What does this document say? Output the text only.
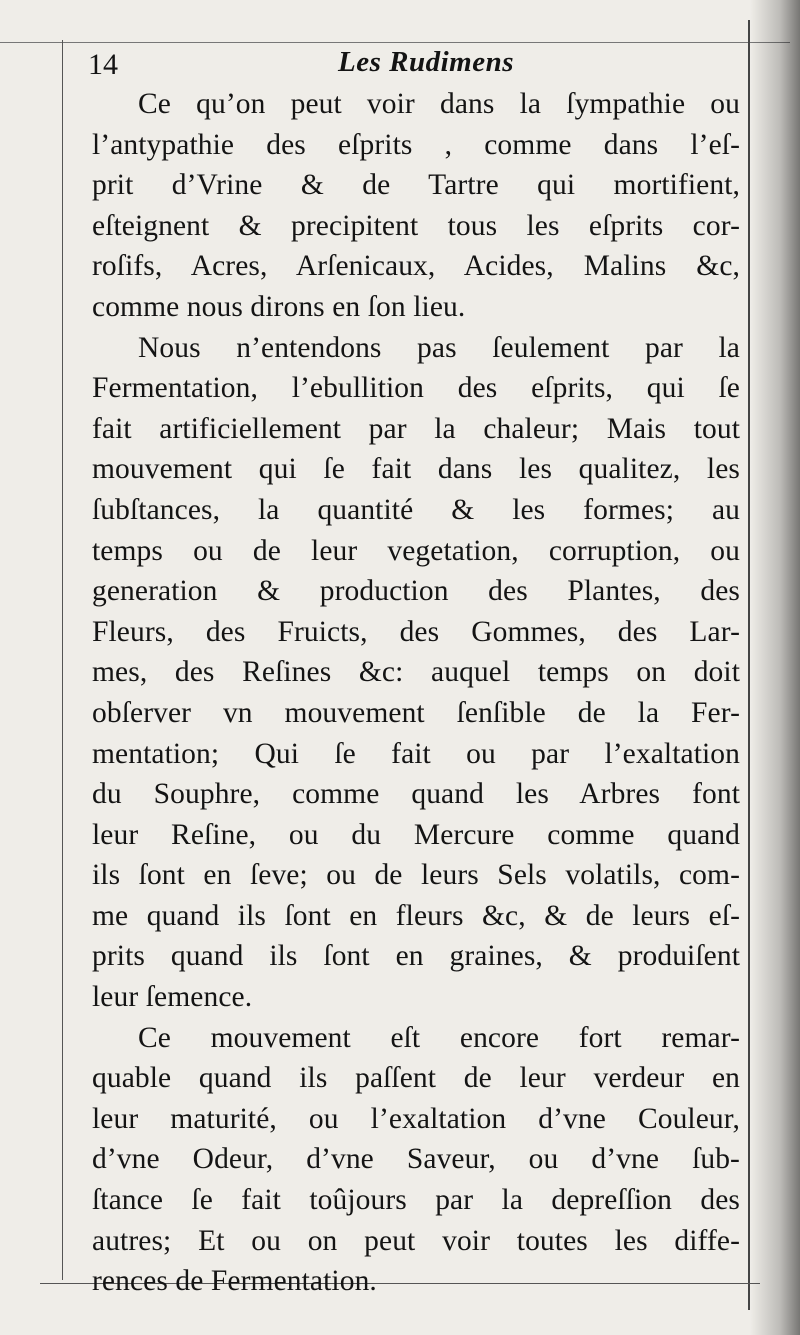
14	Les Rudimens
Ce qu’on peut voir dans la ſympathie ou
l’antypathie des eſprits , comme dans l’eſ-
prit d’Vrine & de Tartre qui mortifient,
eſteignent & precipitent tous les eſprits cor-
roſifs, Acres, Arſenicaux, Acides, Malins &c,
comme nous dirons en ſon lieu.
Nous n’entendons pas ſeulement par la
Fermentation, l’ebullition des eſprits, qui ſe
fait artificiellement par la chaleur; Mais tout
mouvement qui ſe fait dans les qualitez, les
ſubſtances, la quantité & les formes; au
temps ou de leur vegetation, corruption, ou
generation & production des Plantes, des
Fleurs, des Fruicts, des Gommes, des Lar-
mes, des Reſines &c: auquel temps on doit
obſerver vn mouvement ſenſible de la Fer-
mentation; Qui ſe fait ou par l’exaltation
du Souphre, comme quand les Arbres font
leur Reſine, ou du Mercure comme quand
ils ſont en ſeve; ou de leurs Sels volatils, com-
me quand ils ſont en fleurs &c, & de leurs eſ-
prits quand ils ſont en graines, & produiſent
leur ſemence.
Ce mouvement eſt encore fort remar-
quable quand ils paſſent de leur verdeur en
leur maturité, ou l’exaltation d’vne Couleur,
d’vne Odeur, d’vne Saveur, ou d’vne ſub-
ſtance ſe fait toûjours par la depreſſion des
autres; Et ou on peut voir toutes les diffe-
rences de Fermentation.
